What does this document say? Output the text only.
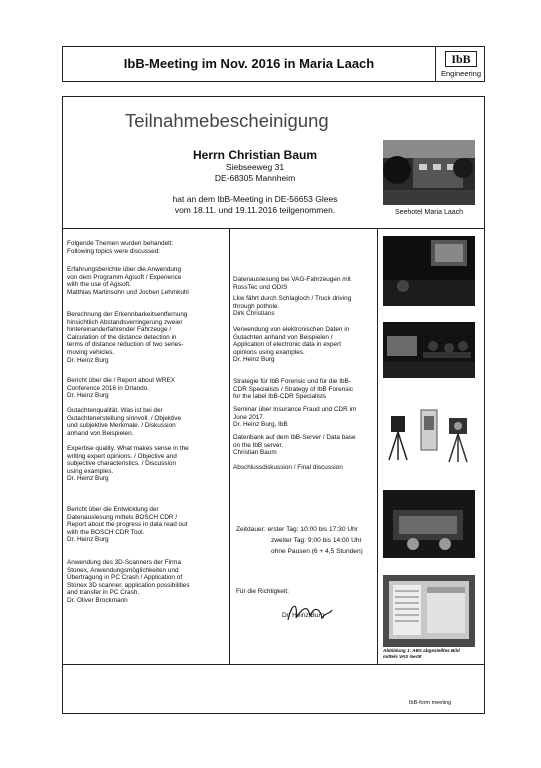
IbB-Meeting im Nov. 2016 in Maria Laach	IbB
Engineering
Teilnahmebescheinigung
Herrn Christian Baum
Siebseeweg 31
DE-68305 Mannheim
hat an dem IbB-Meeting in DE-56653 Glees
vom 18.11. und 19.11.2016 teilgenommen.	Seehotel Maria Laach

Folgende Themen wurden behandelt:

Following topics were discussed:

Erfahrungsberichte über die Anwendung

von dem Programm Agisoft / Experience

with the use of Agisoft.

Matthias Martinsohn und Jochen Lehmkuhl

Berechnung der Erkennbarkeitsentfernung

hinsichtlich Abstandsverringerung zweier

hintereinanderfahrender Fahrzeuge /

Calculation of the distance detection in

terms of distance reduction of two series-

moving vehicles.

Dr. Heinz Burg

Bericht über die / Report about WREX

Conference 2016 in Orlando.

Dr. Heinz Burg

Gutachtenqualität. Was ist bei der

Gutachtenerstellung sinnvoll. / Objektive

und subjektive Merkmale. / Diskussion

anhand von Beispielen.

Expertise quality. What makes sense in the

writing expert opinions. / Objective and

subjective characteristics. / Discussion

using examples.

Dr. Heinz Burg

Bericht über die Entwicklung der

Datenauslesung mittels BOSCH CDR /

Report about the progress in data read out

with the BOSCH CDR Tool.

Dr. Heinz Burg

Anwendung des 3D-Scanners der Firma

Stonex, Anwendungsmöglichkeiten und

Übertragung in PC Crash / Application of

Stonex 3D scanner, application possibilities

and transfer in PC Crash.

Dr. Oliver Brockmann

Datenauslesung bei VAG-Fahrzeugen mit

RossTec und ODIS

Lkw fährt durch Schlagloch / Truck driving

through pothole.

Dirk Christians

Verwendung von elektronischen Daten in

Gutachten anhand von Beispielen /

Application of electronic data in expert

opinions using examples.

Dr. Heinz Burg

Strategie für IbB Forensic und für die IbB-

CDR Specialists / Strategy of IbB Forensic

for the label IbB-CDR Specialists

Seminar über Insurance Fraud und CDR im

June 2017.

Dr. Heinz Burg, IbB

Datenbank auf dem IbB-Server / Data base

on the IbB server.

Christian Baum

Abschlussdiskussion / Final discussion

Zeitdauer: erster Tag: 10:00 bis 17:30 Uhr
zweiter Tag: 9:00 bis 14:00 Uhr
ohne Pausen (6 + 4,5 Stunden)
Für die Richtigkeit:
Dr. Heinz Burg
Abbildung 1: ABS abgestelltes Bild mittels VAS Gerät
IbB-form meeting
